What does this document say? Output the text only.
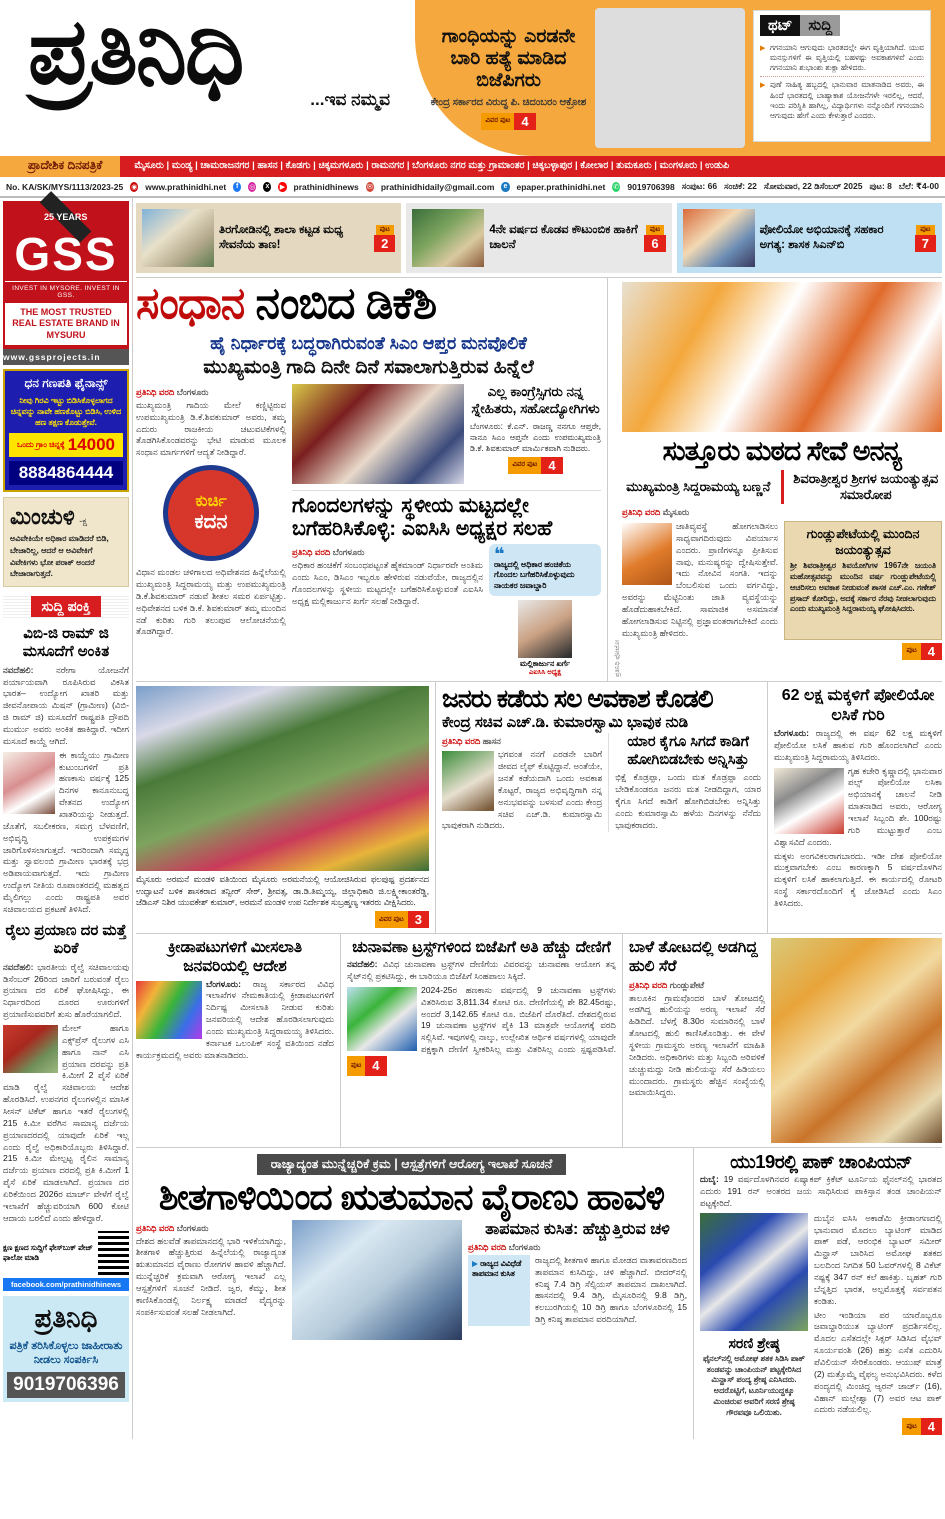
ಪ್ರತಿನಿಧಿ	...ಇವ ನಮ್ಮವ
ಗಾಂಧಿಯನ್ನು ಎರಡನೇ ಬಾರಿ ಹತ್ಯೆ ಮಾಡಿದ ಬಿಜೆಪಿಗರು
ಕೇಂದ್ರ ಸರ್ಕಾರದ ವಿರುದ್ಧ ಪಿ. ಚಿದಂಬರಂ ಆಕ್ರೋಶ
ವಿವರ ಪುಟ 4
ಥಟ್	ಸುದ್ದಿ
▶ ಗಗನಯಾನಿ ಆಗುವುದು ಭಾರತದಲ್ಲೇ ಈಗ ವೃತ್ತಿಯಾಗಿದೆ. ಯುವ ಮನಸ್ಸುಗಳಿಗೆ ಈ ವೃತ್ತಿಯಲ್ಲಿ ಬಹಳಷ್ಟು ಅವಕಾಶಗಳಿವೆ ಎಂದು ಗಗನಯಾನಿ ಶುಭಾಂಶು ಶುಕ್ಲಾ ಹೇಳಿದರು.
▶ ಪುಣೆ ಸಾಹಿತ್ಯ ಹಬ್ಬದಲ್ಲಿ ಭಾನುವಾರ ಮಾತನಾಡಿದ ಅವರು, ಈ ಹಿಂದೆ ಭಾರತದಲ್ಲಿ ಬಾಹ್ಯಾಕಾಶ ಯೋಜನೆಗಳೇ ಇರಲಿಲ್ಲ, ಆದರೆ, ಇಂದು ಪರಿಸ್ಥಿತಿ ಹಾಗಿಲ್ಲ, ವಿದ್ಯಾರ್ಥಿಗಳು ನನ್ನೊಂದಿಗೆ ಗಗನಯಾನಿ ಆಗುವುದು ಹೇಗೆ ಎಂದು ಕೇಳುತ್ತಾರೆ ಎಂದರು.
ಪ್ರಾದೇಶಿಕ ದಿನಪತ್ರಿಕೆ	ಮೈಸೂರು | ಮಂಡ್ಯ | ಚಾಮರಾಜನಗರ | ಹಾಸನ | ಕೊಡಗು | ಚಿಕ್ಕಮಗಳೂರು | ರಾಮನಗರ | ಬೆಂಗಳೂರು ನಗರ ಮತ್ತು ಗ್ರಾಮಾಂತರ | ಚಿಕ್ಕಬಳ್ಳಾಪುರ | ಕೋಲಾರ | ತುಮಕೂರು | ಮಂಗಳೂರು | ಉಡುಪಿ
No. KA/SK/MYS/1113/2023-25 ◉ www.prathinidhi.net	f	◎ x ▶ prathinidhinews ✉ prathinidhidaily@gmail.com e epaper.prathinidhi.net ✆ 9019706398 ಸಂಪುಟ: 66 ಸಂಚಿಕೆ: 22 ಸೋಮವಾರ, 22 ಡಿಸೆಂಬರ್ 2025 ಪುಟ: 8 ಬೆಲೆ: ₹4-00
25 YEARS
GSS
INVEST IN MYSORE. INVEST IN GSS.
THE MOST TRUSTED REAL ESTATE BRAND IN MYSURU
www.gssprojects.in
ಧನ ಗಣಪತಿ ಫೈನಾನ್ಸ್
ನೀವು ಗಿರವಿ ಇಟ್ಟು ಬಿಡಿಸಿಕೊಳ್ಳಲಾಗದ ಚಿನ್ನವನ್ನು ನಾವೇ ಹಣಕೊಟ್ಟು ಬಿಡಿಸಿ, ಉಳಿದ ಹಣ ತಕ್ಷಣ ಕೊಡುತ್ತೇವೆ.
ಒಂದು ಗ್ರಾಂ ಚಿನ್ನಕ್ಕೆ 14000
8884864444
ಮಿಂಚುಳಿ -ಕ್ಷ
ಅವಿವೇಕಿಯೇ ಅಧಿಕಾರ ಮಾಡಿದರೆ ಬಿಡಿ, ಬೇಜಾರಿಲ್ಲ, ಆದರೆ ಆ ಅವಿವೇಕಿಗೆ ವಿವೇಕಿಗಳು ಭೋ ಪರಾಕ್ ಅಂದರೆ ಬೇಜಾರಾಗುತ್ತದೆ.
ಸುದ್ದಿ ಪಂಕ್ತಿ
ವಿಬಿ-ಜಿ ರಾಮ್ ಜಿ ಮಸೂದೆಗೆ ಅಂಕಿತ
ನವದೆಹಲಿ:	ನರೇಗಾ ಯೋಜನೆಗೆ ಪರ್ಯಾಯವಾಗಿ ರೂಪಿಸಿರುವ ವಿಕಸಿತ ಭಾರತ– ಉದ್ಯೋಗ ಖಾತರಿ ಮತ್ತು ಜೀವನೋಪಾಯ ಮಿಷನ್ (ಗ್ರಾಮೀಣ) (ವಿಬಿ-ಜಿ ರಾಮ್ ಜಿ) ಮಸೂದೆಗೆ ರಾಷ್ಟ್ರಪತಿ ದ್ರೌಪದಿ ಮುರ್ಮು ಅವರು ಅಂಕಿತ ಹಾಕಿದ್ದಾರೆ. ಇದೀಗ ಮಸೂದೆ ಕಾಯ್ದೆ ಆಗಿದೆ.
ಈ ಕಾಯ್ದೆಯು ಗ್ರಾಮೀಣ ಕುಟುಂಬಗಳಿಗೆ ಪ್ರತಿ ಹಣಕಾಸು ವರ್ಷಕ್ಕೆ 125 ದಿನಗಳ ಕಾನೂನುಬದ್ಧ ವೇತನದ ಉದ್ಯೋಗ ಖಾತರಿಯನ್ನು ನೀಡುತ್ತದೆ. ಜೊತೆಗೆ, ಸಬಲೀಕರಣ, ಸಮಗ್ರ ಬೆಳವಣಿಗೆ, ಅಭಿವೃದ್ಧಿ ಉಪಕ್ರಮಗಳ ಜಾರಿಗೊಳಿಸಲಾಗುತ್ತದೆ. ಇದರಿಂದಾಗಿ ಸಮೃದ್ಧ ಮತ್ತು ಸ್ವಾವಲಂಬಿ ಗ್ರಾಮೀಣ ಭಾರತಕ್ಕೆ ಭದ್ರ ಅಡಿಪಾಯವಾಗುತ್ತದೆ. ಇದು ಗ್ರಾಮೀಣ ಉದ್ಯೋಗ ನೀತಿಯ ರೂಪಾಂತರದಲ್ಲಿ ಮಹತ್ವದ ಮೈಲಿಗಲ್ಲು ಎಂದು ರಾಷ್ಟ್ರಪತಿ ಅವರ ಸಚಿವಾಲಯದ ಪ್ರಕಟಣೆ ತಿಳಿಸಿದೆ.
ರೈಲು ಪ್ರಯಾಣ ದರ ಮತ್ತೆ ಏರಿಕೆ
ನವದೆಹಲಿ: ಭಾರತೀಯ ರೈಲ್ವೆ ಸಚಿವಾಲಯವು ಡಿಸೆಂಬರ್ 26ರಿಂದ ಜಾರಿಗೆ ಬರುವಂತೆ ರೈಲು ಪ್ರಯಾಣ ದರ ಏರಿಕೆ ಘೋಷಿಸಿದ್ದು, ಈ ನಿರ್ಧಾರದಿಂದ ದೂರದ ಊರುಗಳಿಗೆ ಪ್ರಯಾಣಿಸುವವರಿಗೆ ತುಸು ಹೊರೆಯಾಗಲಿದೆ.
ಮೇಲ್ ಹಾಗೂ ಎಕ್ಸ್‌ಪ್ರೆಸ್ ರೈಲುಗಳ ಎಸಿ ಹಾಗೂ ನಾನ್ ಎಸಿ ಪ್ರಯಾಣ ದರವನ್ನು ಪ್ರತಿ ಕಿ.ಮೀಗೆ 2 ಪೈಸೆ ಏರಿಕೆ ಮಾಡಿ ರೈಲ್ವೆ ಸಚಿವಾಲಯ ಆದೇಶ ಹೊರಡಿಸಿದೆ. ಉಪನಗರ ರೈಲುಗಳಲ್ಲಿನ ಮಾಸಿಕ ಸೀಸನ್ ಟಿಕೆಟ್ ಹಾಗೂ ಇತರೆ ರೈಲುಗಳಲ್ಲಿ 215 ಕಿ.ಮೀ ವರೆಗಿನ ಸಾಮಾನ್ಯ ದರ್ಜೆಯ ಪ್ರಯಾಣದರದಲ್ಲಿ ಯಾವುದೇ ಏರಿಕೆ ಇಲ್ಲ ಎಂದು ರೈಲ್ವೆ ಅಧಿಕಾರಿಯೊಬ್ಬರು ತಿಳಿಸಿದ್ದಾರೆ. 215 ಕಿ.ಮೀ ಮೇಲ್ಪಟ್ಟ ರೈಲಿನ ಸಾಮಾನ್ಯ ದರ್ಜೆಯ ಪ್ರಯಾಣ ದರದಲ್ಲಿ ಪ್ರತಿ ಕಿ.ಮೀಗೆ 1 ಪೈಸೆ ಏರಿಕೆ ಮಾಡಲಾಗಿದೆ. ಪ್ರಯಾಣ ದರ ಏರಿಕೆಯಿಂದ 2026ರ ಮಾರ್ಚ್ ವೇಳೆಗೆ ರೈಲ್ವೆ ಇಲಾಖೆಗೆ ಹೆಚ್ಚುವರಿಯಾಗಿ 600 ಕೋಟಿ ಆದಾಯ ಬರಲಿದೆ ಎಂದು ಹೇಳಿದ್ದಾರೆ.
ಕ್ಷಣ ಕ್ಷಣದ ಸುದ್ದಿಗೆ ಫೇಸ್‌ಬುಕ್ ಪೇಜ್ ಫಾಲೋ ಮಾಡಿ
facebook.com/prathinidhinews
ಪ್ರತಿನಿಧಿ
ಪತ್ರಿಕೆ ತರಿಸಿಕೊಳ್ಳಲು ಜಾಹೀರಾತು ನೀಡಲು ಸಂಪರ್ಕಿಸಿ
9019706396
ತಿರಗೋಡಿನಲ್ಲಿ ಶಾಲಾ ಕಟ್ಟಡ ಮಧ್ಯ ಸೇವನೆಯ ತಾಣ!
ಪುಟ
2
4ನೇ ವರ್ಷದ ಕೊಡವ ಕೌಟುಂಬಿಕ ಹಾಕಿಗೆ ಚಾಲನೆ
ಪುಟ
6
ಪೋಲಿಯೋ ಅಭಿಯಾನಕ್ಕೆ ಸಹಕಾರ ಅಗತ್ಯ: ಶಾಸಕ ಸಿಎನ್‌ಬಿ
ಪುಟ
7
ಸಂಧಾನ ನಂಬಿದ ಡಿಕೆಶಿ
ಹೈ ನಿರ್ಧಾರಕ್ಕೆ ಬದ್ಧರಾಗಿರುವಂತೆ ಸಿಎಂ ಆಪ್ತರ ಮನವೊಲಿಕೆ
ಮುಖ್ಯಮಂತ್ರಿ ಗಾದಿ ದಿನೇ ದಿನೆ ಸವಾಲಾಗುತ್ತಿರುವ ಹಿನ್ನೆಲೆ
ಪ್ರತಿನಿಧಿ ವರದಿ ಬೆಂಗಳೂರು
ಮುಖ್ಯಮಂತ್ರಿ ಗಾದಿಯ ಮೇಲೆ ಕಣ್ಣಿಟ್ಟಿರುವ ಉಪಮುಖ್ಯಮಂತ್ರಿ ಡಿ.ಕೆ.ಶಿವಕುಮಾರ್ ಅವರು, ತಮ್ಮ ಎದುರು ರಾಜಕೀಯ ಚಟುವಟಿಕೆಗಳಲ್ಲಿ ತೊಡಗಿಸಿಕೊಂಡವರನ್ನು ಭೇಟಿ ಮಾಡುವ ಮೂಲಕ ಸಂಧಾನ ಮಾರ್ಗಗಳಿಗೆ ಆದ್ಯತೆ ನೀಡಿದ್ದಾರೆ.
ಕುರ್ಚಿ
ಕದನ
ವಿಧಾನ ಮಂಡಲ ಚಳಿಗಾಲದ ಅಧಿವೇಶನದ ಹಿನ್ನೆಲೆಯಲ್ಲಿ ಮುಖ್ಯಮಂತ್ರಿ ಸಿದ್ದರಾಮಯ್ಯ ಮತ್ತು ಉಪಮುಖ್ಯಮಂತ್ರಿ ಡಿ.ಕೆ.ಶಿವಕುಮಾರ್ ನಡುವೆ ಶೀತಲ ಸಮರ ಏರ್ಪಟ್ಟಿತ್ತು. ಅಧಿವೇಶನದ ಬಳಿಕ ಡಿ.ಕೆ. ಶಿವಕುಮಾರ್ ತಮ್ಮ ಮುಂದಿನ ನಡೆ ಕುರಿತು ಗುರಿ ತಲುಪುವ ಆಲೋಚನೆಯಲ್ಲಿ ತೊಡಗಿದ್ದಾರೆ.
ಎಲ್ಲ ಕಾಂಗ್ರೆಸ್ಸಿಗರು ನನ್ನ ಸ್ನೇಹಿತರು, ಸಹೋದ್ಯೋಗಿಗಳು
ಬೆಂಗಳೂರು: ಕೆ.ಎನ್. ರಾಜಣ್ಣ ನನಗೂ ಆಪ್ತರೇ, ನಾನೂ ಸಿಎಂ ಆಪ್ತನೇ ಎಂದು ಉಪಮುಖ್ಯಮಂತ್ರಿ ಡಿ.ಕೆ. ಶಿವಕುಮಾರ್ ಮಾರ್ಮಿಕವಾಗಿ ನುಡಿದರು.
ವಿವರ ಪುಟ 4
ಗೊಂದಲಗಳನ್ನು ಸ್ಥಳೀಯ ಮಟ್ಟದಲ್ಲೇ ಬಗೆಹರಿಸಿಕೊಳ್ಳಿ: ಎಐಸಿಸಿ ಅಧ್ಯಕ್ಷರ ಸಲಹೆ
ಪ್ರತಿನಿಧಿ ವರದಿ ಬೆಂಗಳೂರು
ಅಧಿಕಾರ ಹಂಚಿಕೆಗೆ ಸಂಬಂಧಪಟ್ಟಂತೆ ಹೈಕಮಾಂಡ್ ನಿರ್ಧಾರವೇ ಅಂತಿಮ ಎಂದು ಸಿಎಂ, ಡಿಸಿಎಂ ಇಬ್ಬರೂ ಹೇಳಿರುವ ನಡುವೆಯೇ, ರಾಜ್ಯದಲ್ಲಿನ ಗೊಂದಲಗಳನ್ನು ಸ್ಥಳೀಯ ಮಟ್ಟದಲ್ಲೇ ಬಗೆಹರಿಸಿಕೊಳ್ಳುವಂತೆ ಎಐಸಿಸಿ ಅಧ್ಯಕ್ಷ ಮಲ್ಲಿಕಾರ್ಜುನ ಖರ್ಗೆ ಸಲಹೆ ನೀಡಿದ್ದಾರೆ.
❝
ರಾಜ್ಯದಲ್ಲಿ ಅಧಿಕಾರ ಹಂಚಿಕೆಯ ಗೊಂದಲ ಬಗೆಹರಿಸಿಕೊಳ್ಳುವುದು ನಾಯಕರ ಜವಾಬ್ದಾರಿ
ಮಲ್ಲಿಕಾರ್ಜುನ ಖರ್ಗೆ
ಎಐಸಿಸಿ ಅಧ್ಯಕ್ಷ	ಪ್ರತಿನಿಧಿ ಫೋಟೋ
ಸುತ್ತೂರು ಮಠದ ಸೇವೆ ಅನನ್ಯ
ಮುಖ್ಯಮಂತ್ರಿ ಸಿದ್ದರಾಮಯ್ಯ ಬಣ್ಣನೆ
ಶಿವರಾತ್ರೀಶ್ವರ ಶ್ರೀಗಳ ಜಯಂತ್ಯುತ್ಸವ ಸಮಾರೋಪ
ಪ್ರತಿನಿಧಿ ವರದಿ ಮೈಸೂರು
ಜಾತಿವ್ಯವಸ್ಥೆ ಹೋಗಲಾಡಿಸಲು ಸಾಧ್ಯವಾಗದಿರುವುದು ವಿಪರ್ಯಾಸ ಎಂದರು. ಪ್ರಾಣಿಗಳನ್ನೂ ಪ್ರೀತಿಸುವ ನಾವು, ಮನುಷ್ಯರನ್ನು ದ್ವೇಷಿಸುತ್ತೇವೆ. ಇದು ನೋವಿನ ಸಂಗತಿ. ಇದನ್ನು ಬೆಂಬಲಿಸುವ ಒಂದು ವರ್ಗವಿದ್ದು, ಅವರನ್ನು ಮೆಟ್ಟಿನಿಂತು ಜಾತಿ ವ್ಯವಸ್ಥೆಯನ್ನು ಹೊಡೆದುಹಾಕಬೇಕಿದೆ. ಸಾಮಾಜಿಕ ಅಸಮಾನತೆ ಹೋಗಲಾಡಿಸುವ ನಿಟ್ಟಿನಲ್ಲಿ ಪ್ರಜ್ಞಾವಂತರಾಗಬೇಕಿದೆ ಎಂದು ಮುಖ್ಯಮಂತ್ರಿ ಹೇಳಿದರು.
ಗುಂಡ್ಲುಪೇಟೆಯಲ್ಲಿ ಮುಂದಿನ ಜಯಂತ್ಯುತ್ಸವ
ಶ್ರೀ ಶಿವರಾತ್ರೀಶ್ವರ ಶಿವಯೋಗಿಗಳ 1967ನೇ ಜಯಂತಿ ಮಹೋತ್ಸವವನ್ನು ಮುಂದಿನ ವರ್ಷ ಗುಂಡ್ಲುಪೇಟೆಯಲ್ಲಿ ಆಚರಿಸಲು ಅವಕಾಶ ನೀಡುವಂತೆ ಶಾಸಕ ಎಚ್.ಎಂ. ಗಣೇಶ್ ಪ್ರಸಾದ್ ಕೋರಿದ್ದು, ಅದಕ್ಕೆ ಸರ್ಕಾರ ನೆರವು ನೀಡಲಾಗುವುದು ಎಂದು ಮುಖ್ಯಮಂತ್ರಿ ಸಿದ್ದರಾಮಯ್ಯ ಘೋಷಿಸಿದರು.
ಪುಟ 4
ಮೈಸೂರು ಅರಮನೆ ಮಂಡಳಿ ವತಿಯಿಂದ ಮೈಸೂರು ಅರಮನೆಯಲ್ಲಿ ಆಯೋಜಿಸಿರುವ ಫಲಪುಷ್ಪ ಪ್ರದರ್ಶನದ ಉದ್ಘಾಟನೆ ಬಳಿಕ ಶಾಸಕರಾದ ತನ್ವೀರ್ ಸೇಠ್, ಶ್ರೀವತ್ಸ, ಡಾ.ಡಿ.ತಿಮ್ಮಯ್ಯ, ಜಿಲ್ಲಾಧಿಕಾರಿ ಜಿ.ಲಕ್ಷ್ಮೀಕಾಂತರೆಡ್ಡಿ, ಜೆಡಿಎಸ್ ನಿಶಿಠ ಯುವಕೇಶ್ ಕುಮಾರ್, ಅರಮನೆ ಮಂಡಳಿ ಉಪ ನಿರ್ದೇಶಕ ಸುಬ್ರಹ್ಮಣ್ಯ ಇತರರು ವೀಕ್ಷಿಸಿದರು.
ವಿವರ ಪುಟ 3
ಜನರು ಕಡೆಯ ಸಲ ಅವಕಾಶ ಕೊಡಲಿ
ಕೇಂದ್ರ ಸಚಿವ ಎಚ್.ಡಿ. ಕುಮಾರಸ್ವಾಮಿ ಭಾವುಕ ನುಡಿ
ಪ್ರತಿನಿಧಿ ವರದಿ ಹಾಸನ
ಭಗವಂತ ನನಗೆ ಎರಡನೇ ಬಾರಿಗೆ ಜೀವದ ಲೈಫ್ ಕೊಟ್ಟಿದ್ದಾನೆ. ಅಂತೆಯೇ, ಜನತೆ ಕಡೆಯದಾಗಿ ಒಂದು ಅವಕಾಶ ಕೊಟ್ಟರೆ, ರಾಜ್ಯದ ಅಭಿವೃದ್ಧಿಗಾಗಿ ನನ್ನ ಅನುಭವವನ್ನು ಬಳಸುವೆ ಎಂದು ಕೇಂದ್ರ ಸಚಿವ ಎಚ್.ಡಿ. ಕುಮಾರಸ್ವಾಮಿ ಭಾವುಕರಾಗಿ ನುಡಿದರು.
ಯಾರ ಕೈಗೂ ಸಿಗದೆ ಕಾಡಿಗೆ ಹೋಗಿಬಿಡಬೇಕು ಅನ್ನಿಸಿತ್ತು
ಭಿಕ್ಷೆ ಕೊಡ್ರಪ್ಪಾ, ಒಂದು ಮತ ಕೊಡ್ರಪ್ಪಾ ಎಂದು ಬೇಡಿಕೊಂಡರೂ ಜನರು ಮತ ನೀಡದಿದ್ದಾಗ, ಯಾರ ಕೈಗೂ ಸಿಗದೆ ಕಾಡಿಗೆ ಹೋಗಿಬಿಡಬೇಕು ಅನ್ನಿಸಿತ್ತು ಎಂದು ಕುಮಾರಸ್ವಾಮಿ ಹಳೆಯ ದಿನಗಳನ್ನು ನೆನೆದು ಭಾವುಕರಾದರು.
62 ಲಕ್ಷ ಮಕ್ಕಳಿಗೆ ಪೋಲಿಯೋ ಲಸಿಕೆ ಗುರಿ
ಬೆಂಗಳೂರು: ರಾಜ್ಯದಲ್ಲಿ ಈ ವರ್ಷ 62 ಲಕ್ಷ ಮಕ್ಕಳಿಗೆ ಪೋಲಿಯೋ ಲಸಿಕೆ ಹಾಕುವ ಗುರಿ ಹೊಂದಲಾಗಿದೆ ಎಂದು ಮುಖ್ಯಮಂತ್ರಿ ಸಿದ್ದರಾಮಯ್ಯ ತಿಳಿಸಿದರು.
ಗೃಹ ಕಚೇರಿ ಕೃಷ್ಣಾದಲ್ಲಿ ಭಾನುವಾರ ಪಲ್ಸ್ ಪೋಲಿಯೋ ಲಸಿಕಾ ಅಭಿಯಾನಕ್ಕೆ ಚಾಲನೆ ನೀಡಿ ಮಾತನಾಡಿದ ಅವರು, ಆರೋಗ್ಯ ಇಲಾಖೆ ಸಿಬ್ಬಂದಿ ಶೇ. 100ರಷ್ಟು ಗುರಿ ಮುಟ್ಟುತ್ತಾರೆ ಎಂಬ ವಿಶ್ವಾಸವಿದೆ ಎಂದರು.
ಮಕ್ಕಳು ಅಂಗವಿಕಲರಾಗಬಾರದು. ಇಡೀ ದೇಶ ಪೋಲಿಯೋ ಮುಕ್ತವಾಗಬೇಕು ಎಂಬ ಕಾರಣಕ್ಕಾಗಿ 5 ವರ್ಷದೊಳಗಿನ ಮಕ್ಕಳಿಗೆ ಲಸಿಕೆ ಹಾಕಲಾಗುತ್ತಿದೆ. ಈ ಕಾರ್ಯದಲ್ಲಿ ರೋಟರಿ ಸಂಸ್ಥೆ ಸರ್ಕಾರದೊಂದಿಗೆ ಕೈ ಜೋಡಿಸಿದೆ ಎಂದು ಸಿಎಂ ತಿಳಿಸಿದರು.
ಕ್ರೀಡಾಪಟುಗಳಿಗೆ ಮೀಸಲಾತಿ ಜನವರಿಯಲ್ಲಿ ಆದೇಶ
ಬೆಂಗಳೂರು: ರಾಜ್ಯ ಸರ್ಕಾರದ ವಿವಿಧ ಇಲಾಖೆಗಳ ನೇಮಕಾತಿಯಲ್ಲಿ ಕ್ರೀಡಾಪಟುಗಳಿಗೆ ನಿರ್ದಿಷ್ಟ ಮೀಸಲಾತಿ ನೀಡುವ ಕುರಿತು ಜನವರಿಯಲ್ಲಿ ಆದೇಶ ಹೊರಡಿಸಲಾಗುವುದು ಎಂದು ಮುಖ್ಯಮಂತ್ರಿ ಸಿದ್ದರಾಮಯ್ಯ ತಿಳಿಸಿದರು. ಕರ್ನಾಟಕ ಒಲಂಪಿಕ್ ಸಂಸ್ಥೆ ವತಿಯಿಂದ ನಡೆದ ಕಾರ್ಯಕ್ರಮದಲ್ಲಿ ಅವರು ಮಾತನಾಡಿದರು.
ಚುನಾವಣಾ ಟ್ರಸ್ಟ್‌ಗಳಿಂದ ಬಿಜೆಪಿಗೆ ಅತಿ ಹೆಚ್ಚು ದೇಣಿಗೆ
ನವದೆಹಲಿ: ವಿವಿಧ ಚುನಾವಣಾ ಟ್ರಸ್ಟ್‌ಗಳ ದೇಣಿಗೆಯ ವಿವರವನ್ನು ಚುನಾವಣಾ ಆಯೋಗ ತನ್ನ ಸೈಟ್‌ನಲ್ಲಿ ಪ್ರಕಟಿಸಿದ್ದು, ಈ ಬಾರಿಯೂ ಬಿಜೆಪಿಗೆ ಸಿಂಹಪಾಲು ಸಿಕ್ಕಿದೆ.
2024-25ರ ಹಣಕಾಸು ವರ್ಷದಲ್ಲಿ 9 ಚುನಾವಣಾ ಟ್ರಸ್ಟ್‌ಗಳು ವಿತರಿಸಿರುವ 3,811.34 ಕೋಟಿ ರೂ. ದೇಣಿಗೆಯಲ್ಲಿ ಶೇ 82.45ರಷ್ಟು, ಅಂದರೆ 3,142.65 ಕೋಟಿ ರೂ. ಬಿಜೆಪಿಗೆ ದೊರೆತಿದೆ. ದೇಶದಲ್ಲಿರುವ 19 ಚುನಾವಣಾ ಟ್ರಸ್ಟ್‌ಗಳ ಪೈಕಿ 13 ಮಾತ್ರವೇ ಆಯೋಗಕ್ಕೆ ವರದಿ ಸಲ್ಲಿಸಿವೆ. ಇವುಗಳಲ್ಲಿ ನಾಲ್ಕು, ಉಲ್ಲೇಖಿತ ಆರ್ಥಿಕ ವರ್ಷಗಳಲ್ಲಿ ಯಾವುದೇ ಪಕ್ಷಕ್ಕಾಗಿ ದೇಣಿಗೆ ಸ್ವೀಕರಿಸಿಲ್ಲ ಮತ್ತು ವಿತರಿಸಿಲ್ಲ ಎಂದು ಸ್ಪಷ್ಟಪಡಿಸಿವೆ.
ಪುಟ 4
ಬಾಳೆ ತೋಟದಲ್ಲಿ ಅಡಗಿದ್ದ ಹುಲಿ ಸೆರೆ
ಪ್ರತಿನಿಧಿ ವರದಿ ಗುಂಡ್ಲುಪೇಟೆ
ತಾಲೂಕಿನ ಗ್ರಾಮವೊಂದರ ಬಾಳೆ ತೋಟದಲ್ಲಿ ಅಡಗಿದ್ದ ಹುಲಿಯನ್ನು ಅರಣ್ಯ ಇಲಾಖೆ ಸೆರೆ ಹಿಡಿದಿದೆ. ಬೆಳಗ್ಗೆ 8.30ರ ಸುಮಾರಿನಲ್ಲಿ ಬಾಳೆ ತೋಟದಲ್ಲಿ ಹುಲಿ ಕಾಣಿಸಿಕೊಂಡಿತ್ತು. ಈ ವೇಳೆ ಸ್ಥಳೀಯ ಗ್ರಾಮಸ್ಥರು ಅರಣ್ಯ ಇಲಾಖೆಗೆ ಮಾಹಿತಿ ನೀಡಿದರು. ಅಧಿಕಾರಿಗಳು ಮತ್ತು ಸಿಬ್ಬಂದಿ ಅರಿವಳಿಕೆ ಚುಚ್ಚುಮದ್ದು ನೀಡಿ ಹುಲಿಯನ್ನು ಸೆರೆ ಹಿಡಿಯಲು ಮುಂದಾದರು. ಗ್ರಾಮಸ್ಥರು ಹೆಚ್ಚಿನ ಸಂಖ್ಯೆಯಲ್ಲಿ ಜಮಾಯಿಸಿದ್ದರು.
ರಾಜ್ಯಾದ್ಯಂತ ಮುನ್ನೆಚ್ಚರಿಕೆ ಕ್ರಮ | ಆಸ್ಪತ್ರೆಗಳಿಗೆ ಆರೋಗ್ಯ ಇಲಾಖೆ ಸೂಚನೆ
ಶೀತಗಾಳಿಯಿಂದ ಋತುಮಾನ ವೈರಾಣು ಹಾವಳಿ
ಪ್ರತಿನಿಧಿ ವರದಿ ಬೆಂಗಳೂರು
ದೇಶದ ಹಲವೆಡೆ ತಾಪಮಾನದಲ್ಲಿ ಭಾರಿ ಇಳಿಕೆಯಾಗಿದ್ದು, ಶೀತಗಾಳಿ ಹೆಚ್ಚುತ್ತಿರುವ ಹಿನ್ನೆಲೆಯಲ್ಲಿ ರಾಜ್ಯಾದ್ಯಂತ ಋತುಮಾನದ ವೈರಾಣು ರೋಗಗಳ ಹಾವಳಿ ಹೆಚ್ಚಾಗಿದೆ. ಮುನ್ನೆಚ್ಚರಿಕೆ ಕ್ರಮವಾಗಿ ಆರೋಗ್ಯ ಇಲಾಖೆ ಎಲ್ಲ ಆಸ್ಪತ್ರೆಗಳಿಗೆ ಸೂಚನೆ ನೀಡಿದೆ. ಜ್ವರ, ಕೆಮ್ಮು, ಶೀತ ಕಾಣಿಸಿಕೊಂಡಲ್ಲಿ ನಿರ್ಲಕ್ಷ್ಯ ಮಾಡದೆ ವೈದ್ಯರನ್ನು ಸಂಪರ್ಕಿಸುವಂತೆ ಸಲಹೆ ನೀಡಲಾಗಿದೆ.
ತಾಪಮಾನ ಕುಸಿತ: ಹೆಚ್ಚುತ್ತಿರುವ ಚಳಿ
ಪ್ರತಿನಿಧಿ ವರದಿ ಬೆಂಗಳೂರು
▶ ರಾಜ್ಯದ ವಿವಿಧೆಡೆ ತಾಪಮಾನ ಕುಸಿತ
ರಾಜ್ಯದಲ್ಲಿ ಶೀತಗಾಳಿ ಹಾಗೂ ಮೋಡದ ವಾತಾವರಣದಿಂದ ತಾಪಮಾನ ಕುಸಿದಿದ್ದು, ಚಳಿ ಹೆಚ್ಚಾಗಿದೆ. ಬೀದರ್‌ನಲ್ಲಿ ಕನಿಷ್ಠ 7.4 ಡಿಗ್ರಿ ಸೆಲ್ಸಿಯಸ್ ತಾಪಮಾನ ದಾಖಲಾಗಿದೆ. ಹಾಸನದಲ್ಲಿ 9.4 ಡಿಗ್ರಿ, ಮೈಸೂರಿನಲ್ಲಿ 9.8 ಡಿಗ್ರಿ, ಕಲಬುರಗಿಯಲ್ಲಿ 10 ಡಿಗ್ರಿ ಹಾಗೂ ಬೆಂಗಳೂರಿನಲ್ಲಿ 15 ಡಿಗ್ರಿ ಕನಿಷ್ಠ ತಾಪಮಾನ ವರದಿಯಾಗಿದೆ.
ಯು19ರಲ್ಲಿ ಪಾಕ್ ಚಾಂಪಿಯನ್
ದುಬೈ: 19 ವರ್ಷದೊಳಗಿನವರ ಏಷ್ಯಾಕಪ್ ಕ್ರಿಕೆಟ್ ಟೂರ್ನಿಯ ಫೈನಲ್‌ನಲ್ಲಿ ಭಾರತದ ಎದುರು 191 ರನ್ ಅಂತರದ ಜಯ ಸಾಧಿಸಿರುವ ಪಾಕಿಸ್ತಾನ ತಂಡ ಚಾಂಪಿಯನ್ ಪಟ್ಟಕ್ಕೇರಿದೆ.
ಸರಣಿ ಶ್ರೇಷ್ಠ
ಫೈನಲ್‌ನಲ್ಲಿ ಅಮೋಘ ಶತಕ ಸಿಡಿಸಿ ಪಾಕ್ ತಂಡವನ್ನು ಚಾಂಪಿಯನ್ ಪಟ್ಟಕ್ಕೇರಿಸಿದ ಮಿನ್ಹಾಸ್ ಪಂದ್ಯ ಶ್ರೇಷ್ಠ ಎನಿಸಿದರು. ಅದರೊಟ್ಟಿಗೆ, ಟೂರ್ನಿಯುದ್ದಕ್ಕೂ ಮಿಂಚಿರುವ ಅವರಿಗೆ ಸರಣಿ ಶ್ರೇಷ್ಠ ಗೌರವವೂ ಒಲಿಯಿತು.
ದುಬೈನ ಐಸಿಸಿ ಅಕಾಡೆಮಿ ಕ್ರೀಡಾಂಗಣದಲ್ಲಿ ಭಾನುವಾರ ಮೊದಲು ಬ್ಯಾಟಿಂಗ್ ಮಾಡಿದ ಪಾಕ್ ಪಡೆ, ಆರಂಭಿಕ ಬ್ಯಾಟರ್ ಸಮೀರ್ ಮಿನ್ಹಾಸ್ ಬಾರಿಸಿದ ಅಮೋಘ ಶತಕದ ಬಲದಿಂದ ನಿಗದಿತ 50 ಓವರ್‌ಗಳಲ್ಲಿ 8 ವಿಕೆಟ್ ನಷ್ಟಕ್ಕೆ 347 ರನ್ ಕಲೆ ಹಾಕಿತ್ತು. ಬೃಹತ್ ಗುರಿ ಬೆನ್ನತ್ತಿದ ಭಾರತ, ಅಲ್ಪಮೊತ್ತಕ್ಕೆ ಸರ್ವಪತನ ಕಂಡಿತು.
ಟೀಂ ಇಂಡಿಯಾ ಪರ ಯಾರೊಬ್ಬರೂ ಜವಾಬ್ದಾರಿಯುತ ಬ್ಯಾಟಿಂಗ್ ಪ್ರದರ್ಶಿಸಲಿಲ್ಲ. ಮೊದಲ ಎಸೆತದಲ್ಲೇ ಸಿಕ್ಸರ್ ಸಿಡಿಸಿದ ವೈಭವ್ ಸೂರ್ಯವಂಶಿ (26) ಹತ್ತು ಎಸೆತ ಎದುರಿಸಿ ಪೆವಿಲಿಯನ್ ಸೇರಿಕೊಂಡರು. ಆಯುಷ್ ಮಾತ್ರೆ (2) ಮತ್ತೊಮ್ಮೆ ವೈಫಲ್ಯ ಅನುಭವಿಸಿದರು. ಕಳೆದ ಪಂದ್ಯದಲ್ಲಿ ಮಿಂಚಿದ್ದ ಆ್ಯರನ್ ಜಾರ್ಜ್ (16), ವಿಹಾನ್ ಮಲ್ಲೇಶ್ವಾ (7) ಅವರ ಆಟ ಪಾಕ್ ಎದುರು ನಡೆಯಲಿಲ್ಲ.
ಪುಟ 4
